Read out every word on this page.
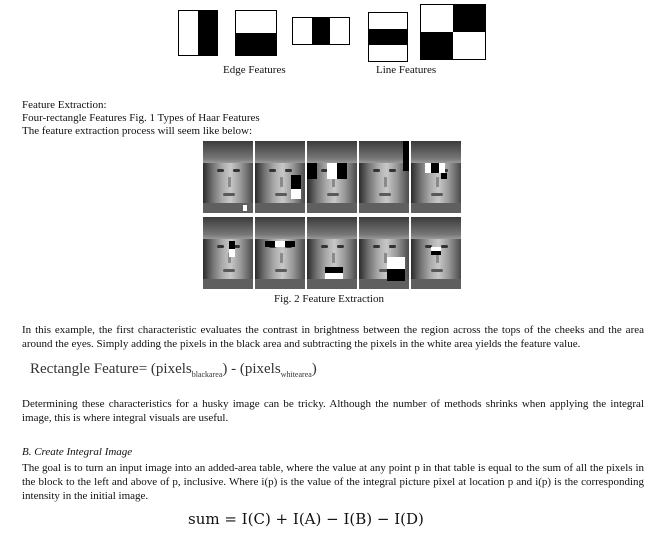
Edge Features	Line Features
Feature Extraction:
Four-rectangle Features Fig. 1 Types of Haar Features
The feature extraction process will seem like below:
Fig. 2 Feature Extraction
In this example, the first characteristic evaluates the contrast in brightness between the region across the tops of the cheeks and the area around the eyes. Simply adding the pixels in the black area and subtracting the pixels in the white area yields the feature value.
Rectangle Feature= (pixels$_{blackarea}$) - (pixels$_{whitearea}$)
Determining these characteristics for a husky image can be tricky. Although the number of methods shrinks when applying the integral image, this is where integral visuals are useful.
B. Create Integral Image
The goal is to turn an input image into an added-area table, where the value at any point p in that table is equal to the sum of all the pixels in the block to the left and above of p, inclusive. Where i(p) is the value of the integral picture pixel at location p and i(p) is the corresponding intensity in the initial image.
sum = I(C) + I(A) − I(B) − I(D)
